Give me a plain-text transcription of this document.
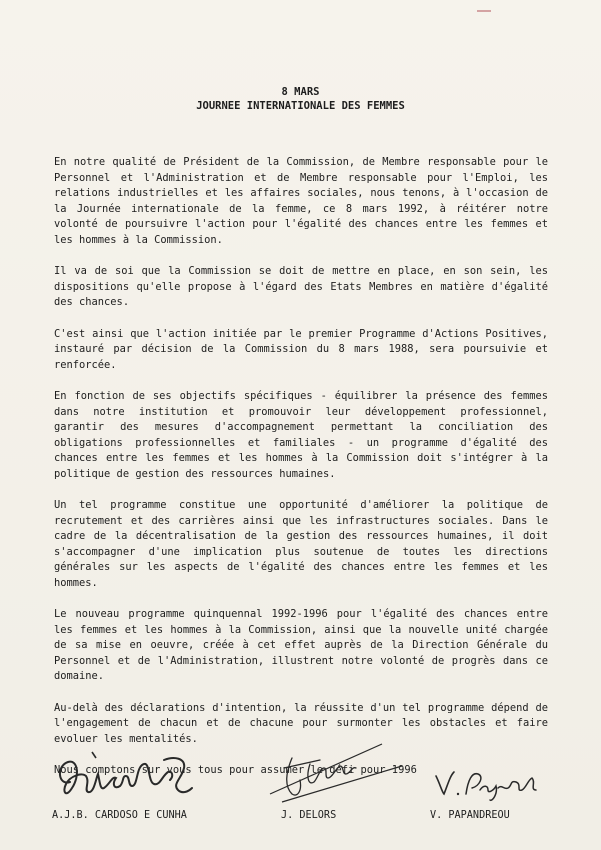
8 MARS
JOURNEE INTERNATIONALE DES FEMMES

En notre qualité de Président de la Commission, de Membre responsable pour le Personnel et l'Administration et de Membre responsable pour l'Emploi, les relations industrielles et les affaires sociales, nous tenons, à l'occasion de la Journée internationale de la femme, ce 8 mars 1992, à réitérer notre volonté de poursuivre l'action pour l'égalité des chances entre les femmes et les hommes à la Commission.

Il va de soi que la Commission se doit de mettre en place, en son sein, les dispositions qu'elle propose à l'égard des Etats Membres en matière d'égalité des chances.

C'est ainsi que l'action initiée par le premier Programme d'Actions Positives, instauré par décision de la Commission du 8 mars 1988, sera poursuivie et renforcée.

En fonction de ses objectifs spécifiques - équilibrer la présence des femmes dans notre institution et promouvoir leur développement professionnel, garantir des mesures d'accompagnement permettant la conciliation des obligations professionnelles et familiales - un programme d'égalité des chances entre les femmes et les hommes à la Commission doit s'intégrer à la politique de gestion des ressources humaines.

Un tel programme constitue une opportunité d'améliorer la politique de recrutement et des carrières ainsi que les infrastructures sociales. Dans le cadre de la décentralisation de la gestion des ressources humaines, il doit s'accompagner d'une implication plus soutenue de toutes les directions générales sur les aspects de l'égalité des chances entre les femmes et les hommes.

Le nouveau programme quinquennal 1992-1996 pour l'égalité des chances entre les femmes et les hommes à la Commission, ainsi que la nouvelle unité chargée de sa mise en oeuvre, créée à cet effet auprès de la Direction Générale du Personnel et de l'Administration, illustrent notre volonté de progrès dans ce domaine.

Au-delà des déclarations d'intention, la réussite d'un tel programme dépend de l'engagement de chacun et de chacune pour surmonter les obstacles et faire evoluer les mentalités.

Nous comptons sur vous tous pour assumer le défi pour 1996

A.J.B. CARDOSO E CUNHA	J. DELORS	V. PAPANDREOU
